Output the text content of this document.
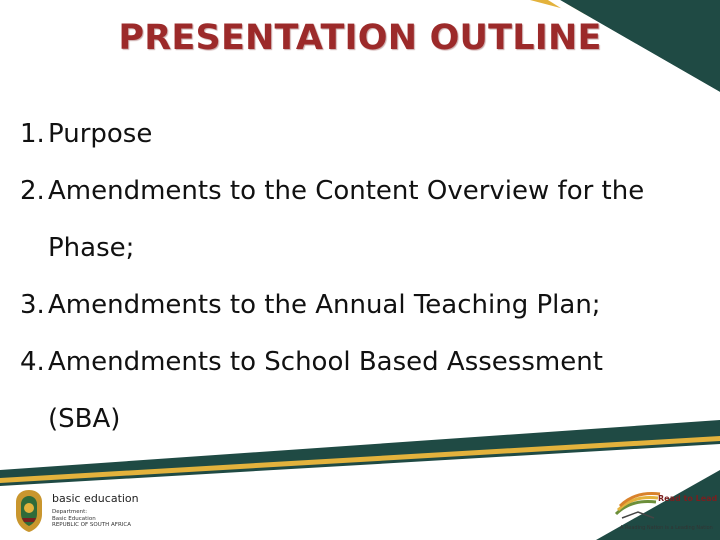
PRESENTATION OUTLINE
1. Purpose
2. Amendments to the Content Overview for the Phase;
3. Amendments to the Annual Teaching Plan;
4. Amendments to School Based Assessment (SBA)
basic education
Department:
Basic Education
REPUBLIC OF SOUTH AFRICA
Read to Lead
A Reading Nation is a Leading Nation
